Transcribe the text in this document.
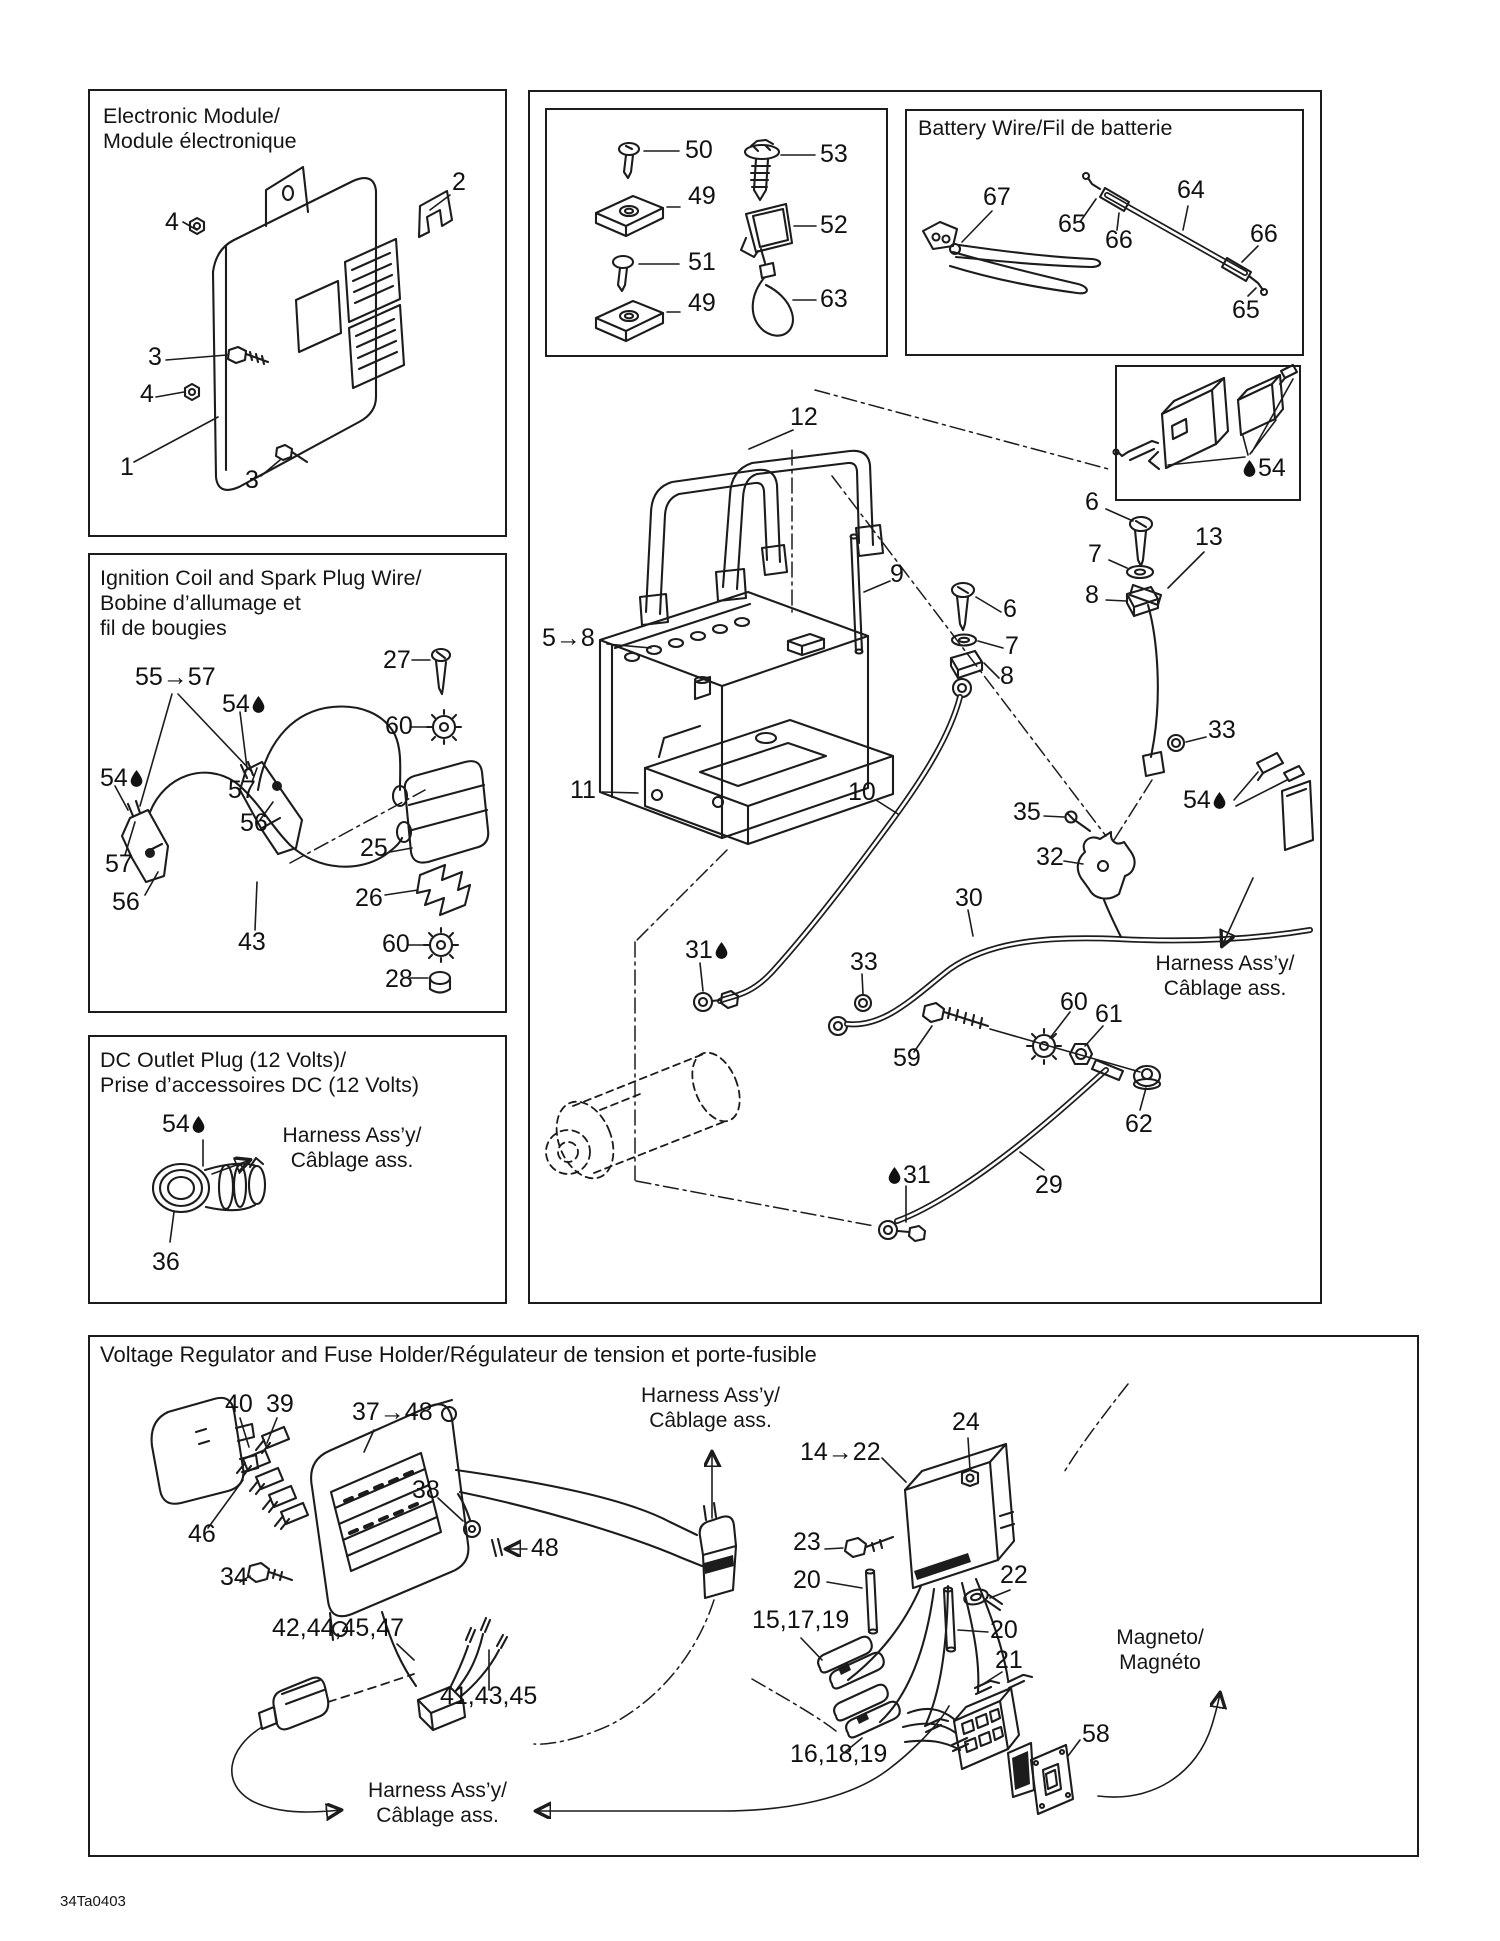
Electronic Module/
Module électronique
Battery Wire/Fil de batterie
Ignition Coil and Spark Plug Wire/
Bobine d’allumage et
fil de bougies
DC Outlet Plug (12 Volts)/
Prise d’accessoires DC (12 Volts)
Voltage Regulator and Fuse Holder/Régulateur de tension et porte-fusible
4
2
3
4
1	3
50
49
51
49
53
52
63
67
65
66
64
66
65
12
9
5→8
11	10
54
6
7
8
13
6
7
8
33
54
35
32
30
31	33
59
60 61
62
29
31
Harness Ass’y/
Câblage ass.
55→57
54
27
60
54	57
56
57
56
25
26
43	60
28
54
36
Harness Ass’y/
Câblage ass.
40 39 37→48
46
34
38
48
42,44,45,47
41,43,45
14→22
24
23
20
15,17,19
22
20
21
16,18,19
58
Harness Ass’y/
Câblage ass.
Harness Ass’y/
Câblage ass.
Magneto/
Magnéto
34Ta0403
